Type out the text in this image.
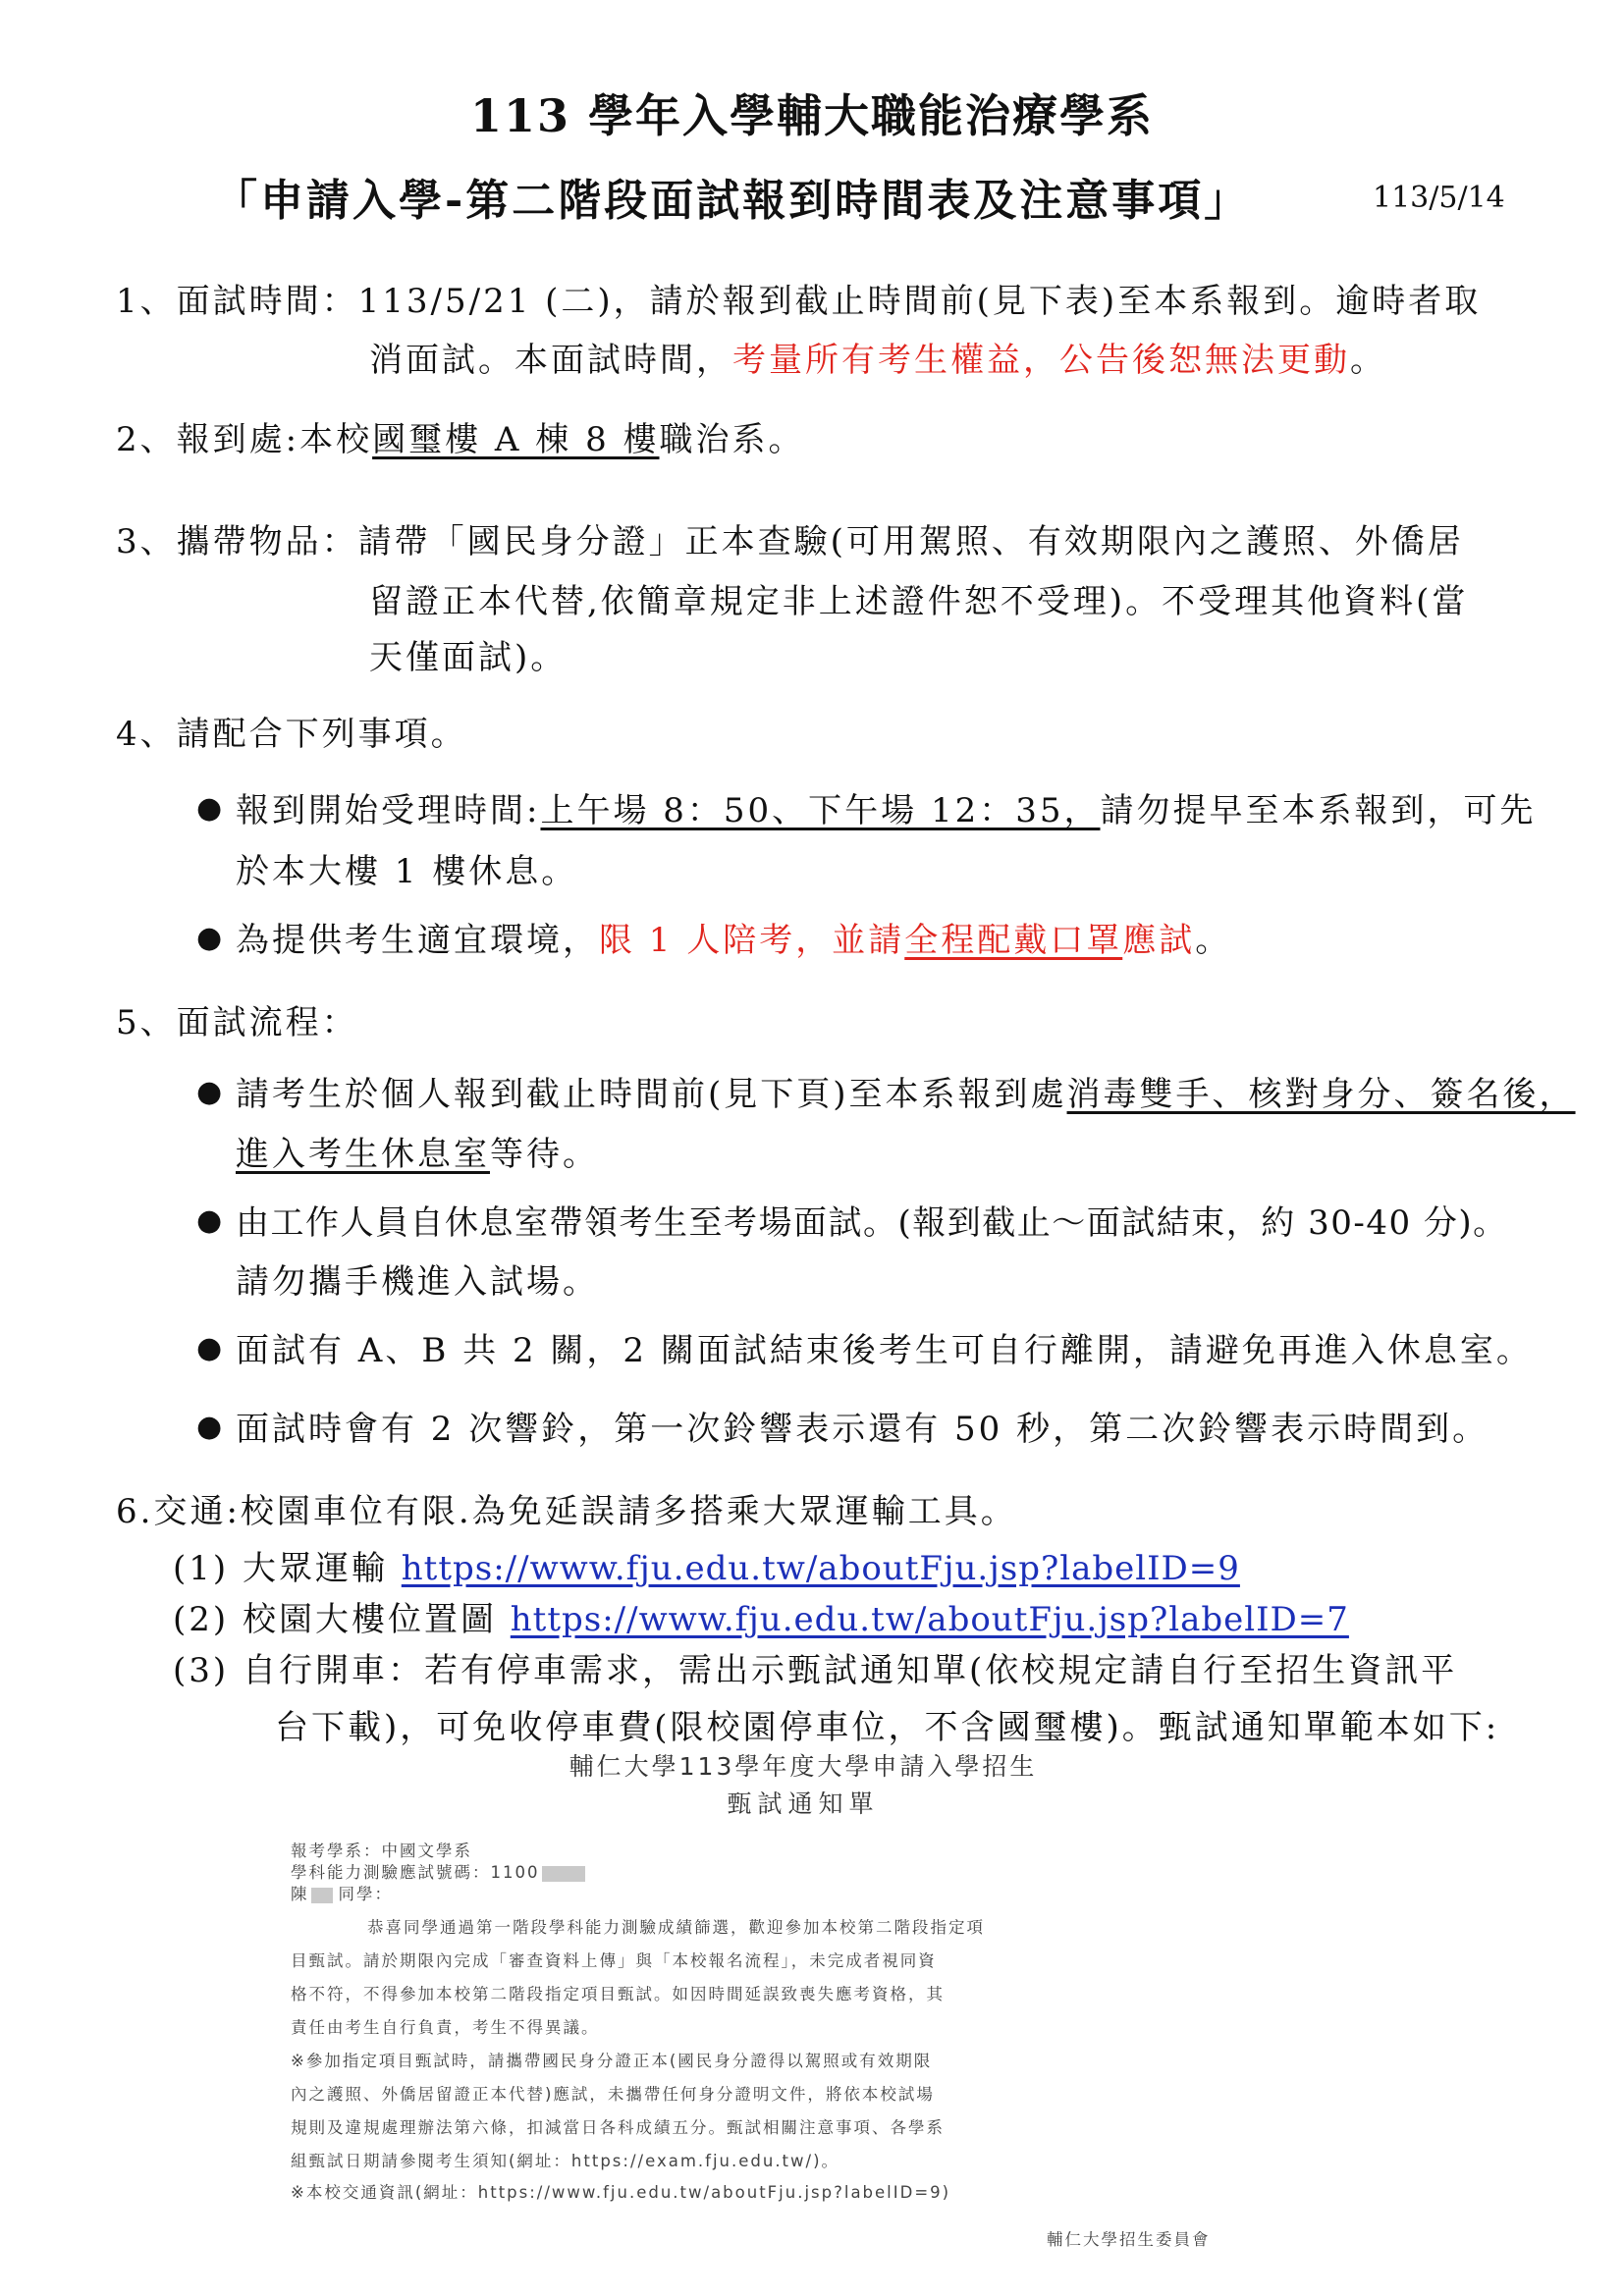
113 學年入學輔大職能治療學系
「申請入學-第二階段面試報到時間表及注意事項」	113/5/14
1、面試時間：113/5/21 (二)，請於報到截止時間前(見下表)至本系報到。逾時者取
消面試。本面試時間，考量所有考生權益，公告後恕無法更動。
2、報到處:本校國璽樓 A 棟 8 樓職治系。
3、攜帶物品：請帶「國民身分證」正本查驗(可用駕照、有效期限內之護照、外僑居
留證正本代替,依簡章規定非上述證件恕不受理)。不受理其他資料(當
天僅面試)。
4、請配合下列事項。
● 報到開始受理時間:上午場 8：50、下午場 12：35，請勿提早至本系報到，可先
於本大樓 1 樓休息。
● 為提供考生適宜環境，限 1 人陪考，並請全程配戴口罩應試。
5、面試流程：
● 請考生於個人報到截止時間前(見下頁)至本系報到處消毒雙手、核對身分、簽名後，
進入考生休息室等待。
● 由工作人員自休息室帶領考生至考場面試。(報到截止～面試結束，約 30-40 分)。
請勿攜手機進入試場。
● 面試有 A、B 共 2 關，2 關面試結束後考生可自行離開，請避免再進入休息室。
● 面試時會有 2 次響鈴，第一次鈴響表示還有 50 秒，第二次鈴響表示時間到。
6.交通:校園車位有限.為免延誤請多搭乘大眾運輸工具。
(1) 大眾運輸 https://www.fju.edu.tw/aboutFju.jsp?labelID=9
(2) 校園大樓位置圖 https://www.fju.edu.tw/aboutFju.jsp?labelID=7
(3) 自行開車：若有停車需求，需出示甄試通知單(依校規定請自行至招生資訊平
台下載)，可免收停車費(限校園停車位，不含國璽樓)。甄試通知單範本如下:
輔仁大學113學年度大學申請入學招生
甄試通知單
報考學系：中國文學系
學科能力測驗應試號碼：1100
陳 同學：
恭喜同學通過第一階段學科能力測驗成績篩選，歡迎參加本校第二階段指定項
目甄試。請於期限內完成「審查資料上傳」與「本校報名流程」，未完成者視同資
格不符，不得參加本校第二階段指定項目甄試。如因時間延誤致喪失應考資格，其
責任由考生自行負責，考生不得異議。
※參加指定項目甄試時，請攜帶國民身分證正本(國民身分證得以駕照或有效期限
內之護照、外僑居留證正本代替)應試，未攜帶任何身分證明文件，將依本校試場
規則及違規處理辦法第六條，扣減當日各科成績五分。甄試相關注意事項、各學系
組甄試日期請參閱考生須知(網址：https://exam.fju.edu.tw/)。
※本校交通資訊(網址：https://www.fju.edu.tw/aboutFju.jsp?labelID=9)
輔仁大學招生委員會
